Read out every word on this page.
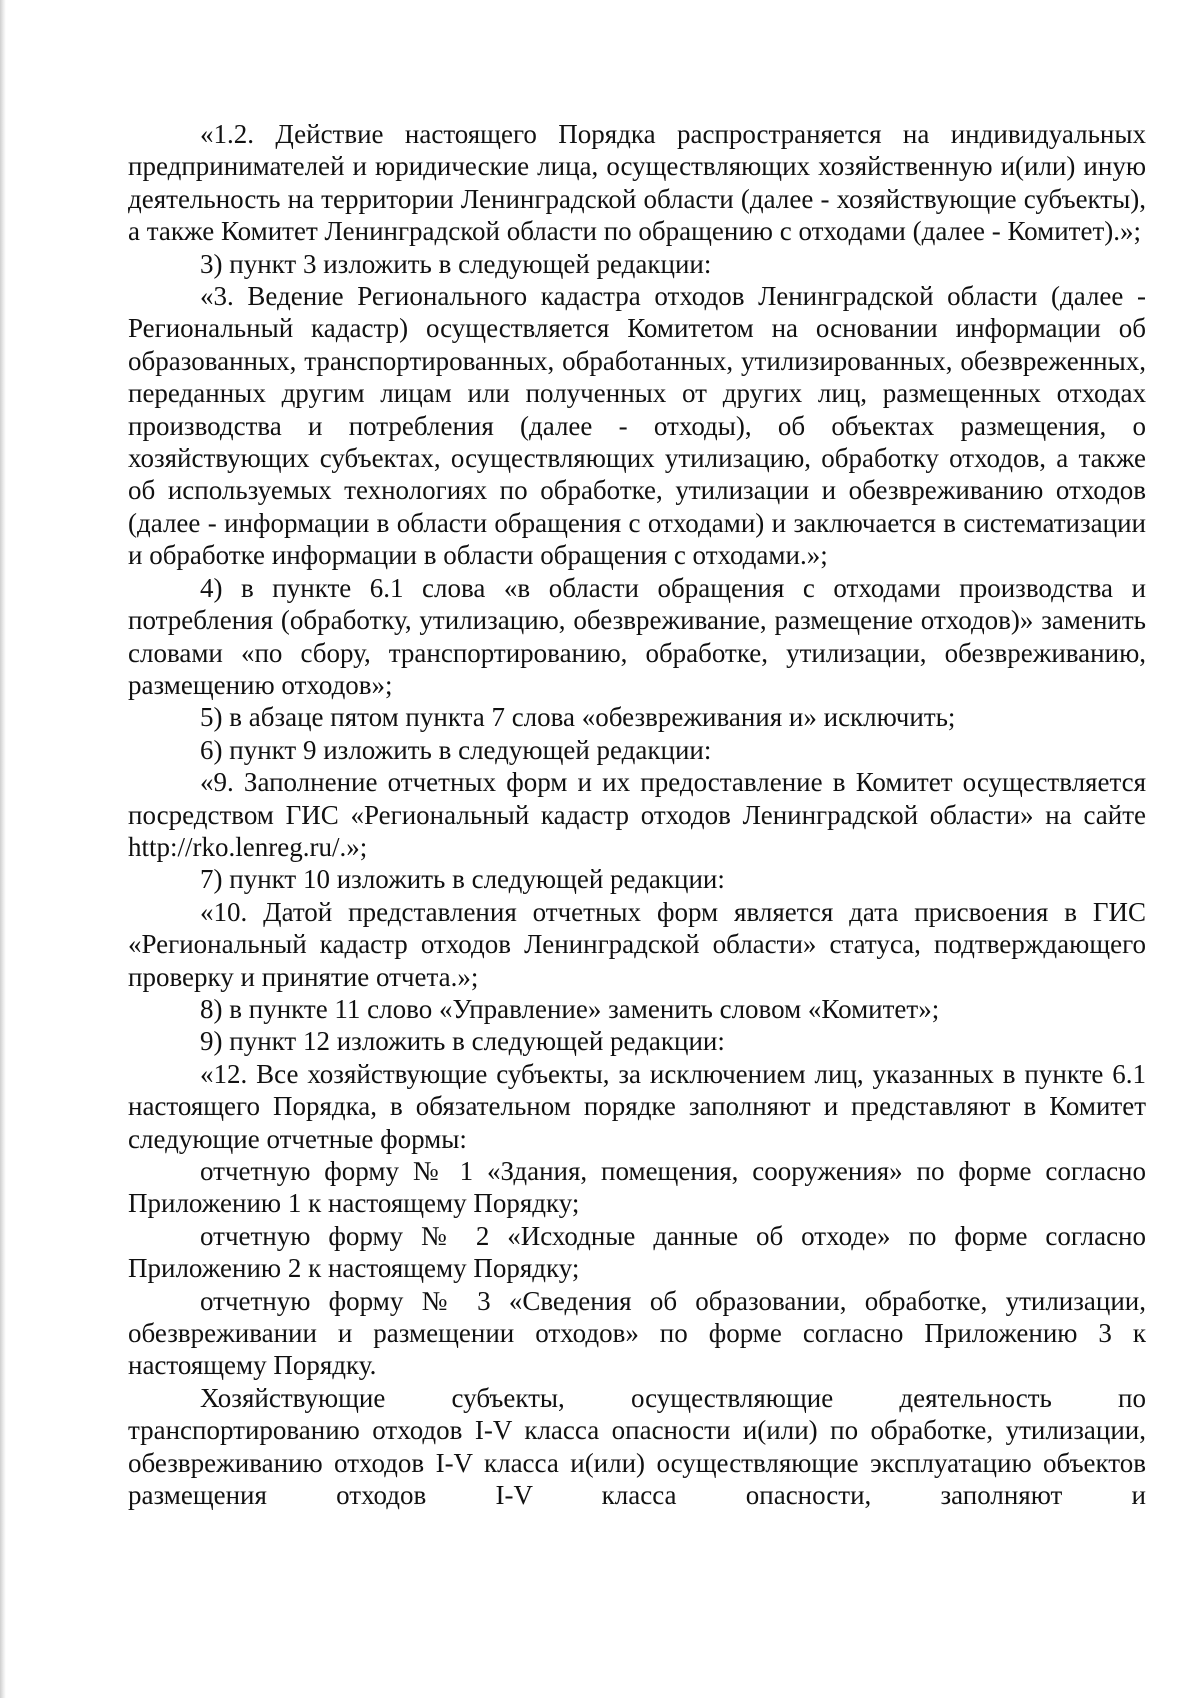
«1.2. Действие настоящего Порядка распространяется на индивидуальных предпринимателей и юридические лица, осуществляющих хозяйственную и(или) иную деятельность на территории Ленинградской области (далее - хозяйствующие субъекты), а также Комитет Ленинградской области по обращению с отходами (далее - Комитет).»;

3) пункт 3 изложить в следующей редакции:

«3. Ведение Регионального кадастра отходов Ленинградской области (далее - Региональный кадастр) осуществляется Комитетом на основании информации об образованных, транспортированных, обработанных, утилизированных, обезвреженных, переданных другим лицам или полученных от других лиц, размещенных отходах производства и потребления (далее - отходы), об объектах размещения, о хозяйствующих субъектах, осуществляющих утилизацию, обработку отходов, а также об используемых технологиях по обработке, утилизации и обезвреживанию отходов (далее - информации в области обращения с отходами) и заключается в систематизации и обработке информации в области обращения с отходами.»;

4) в пункте 6.1 слова «в области обращения с отходами производства и потребления (обработку, утилизацию, обезвреживание, размещение отходов)» заменить словами «по сбору, транспортированию, обработке, утилизации, обезвреживанию, размещению отходов»;

5) в абзаце пятом пункта 7 слова «обезвреживания и» исключить;

6) пункт 9 изложить в следующей редакции:

«9. Заполнение отчетных форм и их предоставление в Комитет осуществляется посредством ГИС «Региональный кадастр отходов Ленинградской области» на сайте http://rko.lenreg.ru/.»;

7) пункт 10 изложить в следующей редакции:

«10. Датой представления отчетных форм является дата присвоения в ГИС «Региональный кадастр отходов Ленинградской области» статуса, подтверждающего проверку и принятие отчета.»;

8) в пункте 11 слово «Управление» заменить словом «Комитет»;

9) пункт 12 изложить в следующей редакции:

«12. Все хозяйствующие субъекты, за исключением лиц, указанных в пункте 6.1 настоящего Порядка, в обязательном порядке заполняют и представляют в Комитет следующие отчетные формы:

отчетную форму № 1 «Здания, помещения, сооружения» по форме согласно Приложению 1 к настоящему Порядку;

отчетную форму № 2 «Исходные данные об отходе» по форме согласно Приложению 2 к настоящему Порядку;

отчетную форму № 3 «Сведения об образовании, обработке, утилизации, обезвреживании и размещении отходов» по форме согласно Приложению 3 к настоящему Порядку.

Хозяйствующие субъекты, осуществляющие деятельность по транспортированию отходов I-V класса опасности и(или) по обработке, утилизации, обезвреживанию отходов I-V класса и(или) осуществляющие эксплуатацию объектов размещения отходов I-V класса опасности, заполняют и
